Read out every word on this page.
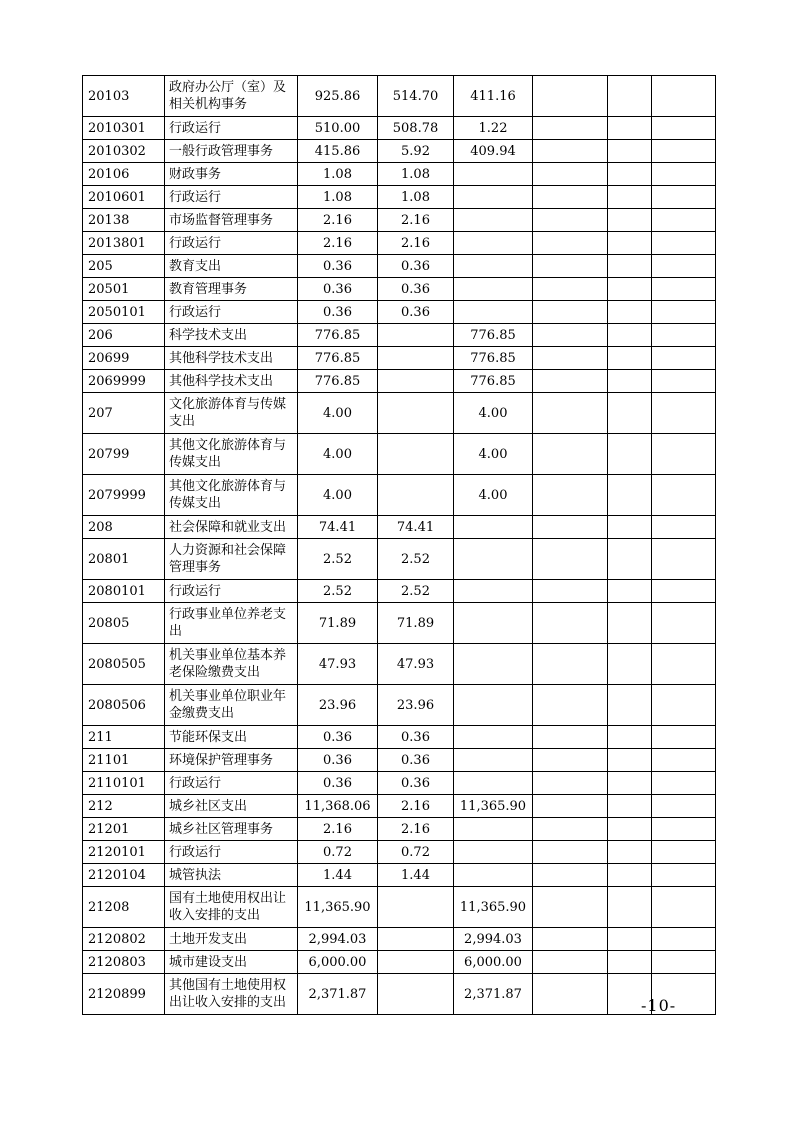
20103	政府办公厅（室）及相关机构事务	925.86	514.70	411.16			
2010301	行政运行	510.00	508.78	1.22			
2010302	一般行政管理事务	415.86	5.92	409.94			
20106	财政事务	1.08	1.08				
2010601	行政运行	1.08	1.08				
20138	市场监督管理事务	2.16	2.16				
2013801	行政运行	2.16	2.16				
205	教育支出	0.36	0.36				
20501	教育管理事务	0.36	0.36				
2050101	行政运行	0.36	0.36				
206	科学技术支出	776.85		776.85			
20699	其他科学技术支出	776.85		776.85			
2069999	其他科学技术支出	776.85		776.85			
207	文化旅游体育与传媒支出	4.00		4.00			
20799	其他文化旅游体育与传媒支出	4.00		4.00			
2079999	其他文化旅游体育与传媒支出	4.00		4.00			
208	社会保障和就业支出	74.41	74.41				
20801	人力资源和社会保障管理事务	2.52	2.52				
2080101	行政运行	2.52	2.52				
20805	行政事业单位养老支出	71.89	71.89				
2080505	机关事业单位基本养老保险缴费支出	47.93	47.93				
2080506	机关事业单位职业年金缴费支出	23.96	23.96				
211	节能环保支出	0.36	0.36				
21101	环境保护管理事务	0.36	0.36				
2110101	行政运行	0.36	0.36				
212	城乡社区支出	11,368.06	2.16	11,365.90			
21201	城乡社区管理事务	2.16	2.16				
2120101	行政运行	0.72	0.72				
2120104	城管执法	1.44	1.44				
21208	国有土地使用权出让收入安排的支出	11,365.90		11,365.90			
2120802	土地开发支出	2,994.03		2,994.03			
2120803	城市建设支出	6,000.00		6,000.00			
2120899	其他国有土地使用权出让收入安排的支出	2,371.87		2,371.87			
-10-
